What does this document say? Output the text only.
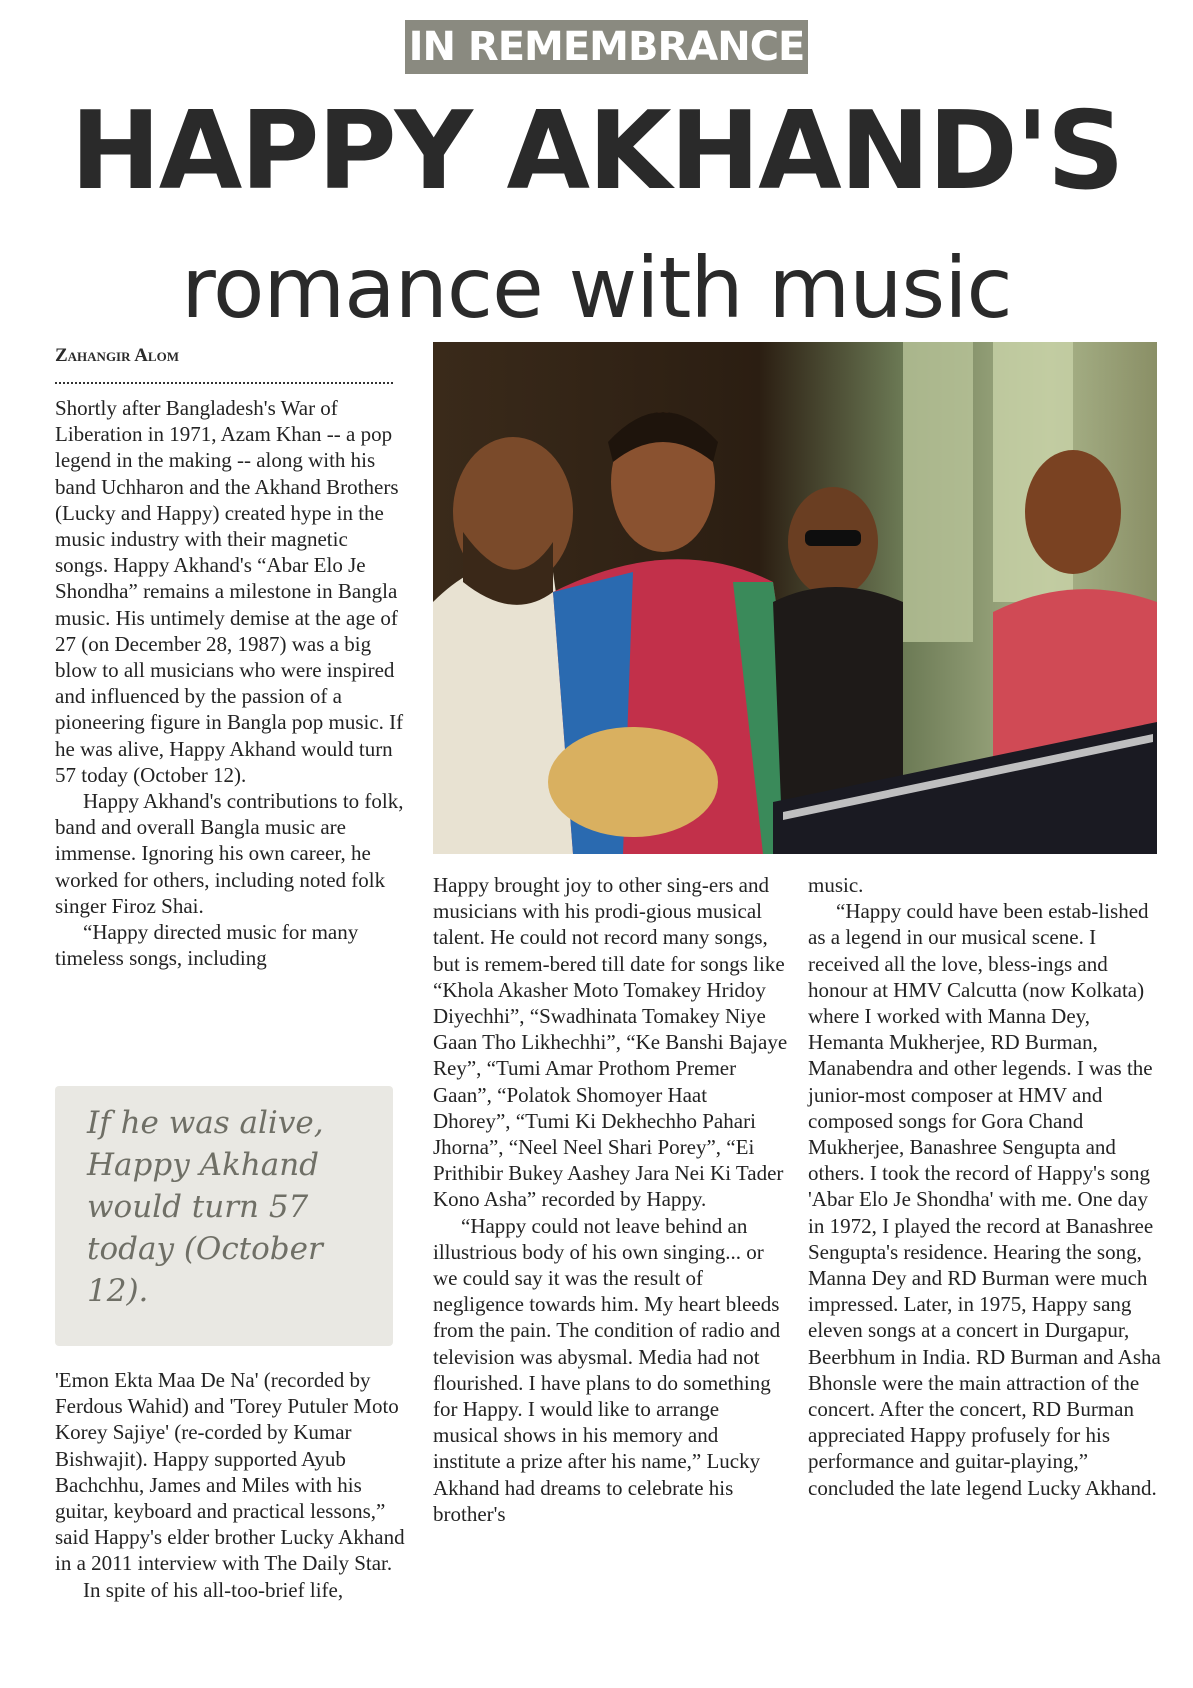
IN REMEMBRANCE
HAPPY AKHAND'S
romance with music
Zahangir Alom

Shortly after Bangladesh's War of Liberation in 1971, Azam Khan -- a pop legend in the making -- along with his band Uchharon and the Akhand Brothers (Lucky and Happy) created hype in the music industry with their magnetic songs. Happy Akhand's “Abar Elo Je Shondha” remains a milestone in Bangla music. His untimely demise at the age of 27 (on December 28, 1987) was a big blow to all musicians who were inspired and influenced by the passion of a pioneering figure in Bangla pop music. If he was alive, Happy Akhand would turn 57 today (October 12).

Happy Akhand's contributions to folk, band and overall Bangla music are immense. Ignoring his own career, he worked for others, including noted folk singer Firoz Shai.

“Happy directed music for many timeless songs, including

If he was alive, Happy Akhand would turn 57 today (October 12).

'Emon Ekta Maa De Na' (recorded by Ferdous Wahid) and 'Torey Putuler Moto Korey Sajiye' (re-corded by Kumar Bishwajit). Happy supported Ayub Bachchhu, James and Miles with his guitar, keyboard and practical lessons,” said Happy's elder brother Lucky Akhand in a 2011 interview with The Daily Star.

In spite of his all-too-brief life,

Happy brought joy to other sing-ers and musicians with his prodi-gious musical talent. He could not record many songs, but is remem-bered till date for songs like “Khola Akasher Moto Tomakey Hridoy Diyechhi”, “Swadhinata Tomakey Niye Gaan Tho Likhechhi”, “Ke Banshi Bajaye Rey”, “Tumi Amar Prothom Premer Gaan”, “Polatok Shomoyer Haat Dhorey”, “Tumi Ki Dekhechho Pahari Jhorna”, “Neel Neel Shari Porey”, “Ei Prithibir Bukey Aashey Jara Nei Ki Tader Kono Asha” recorded by Happy.

“Happy could not leave behind an illustrious body of his own singing... or we could say it was the result of negligence towards him. My heart bleeds from the pain. The condition of radio and television was abysmal. Media had not flourished. I have plans to do something for Happy. I would like to arrange musical shows in his memory and institute a prize after his name,” Lucky Akhand had dreams to celebrate his brother's

music.

“Happy could have been estab-lished as a legend in our musical scene. I received all the love, bless-ings and honour at HMV Calcutta (now Kolkata) where I worked with Manna Dey, Hemanta Mukherjee, RD Burman, Manabendra and other legends. I was the junior-most composer at HMV and composed songs for Gora Chand Mukherjee, Banashree Sengupta and others. I took the record of Happy's song 'Abar Elo Je Shondha' with me. One day in 1972, I played the record at Banashree Sengupta's residence. Hearing the song, Manna Dey and RD Burman were much impressed. Later, in 1975, Happy sang eleven songs at a concert in Durgapur, Beerbhum in India. RD Burman and Asha Bhonsle were the main attraction of the concert. After the concert, RD Burman appreciated Happy profusely for his performance and guitar-playing,” concluded the late legend Lucky Akhand.
